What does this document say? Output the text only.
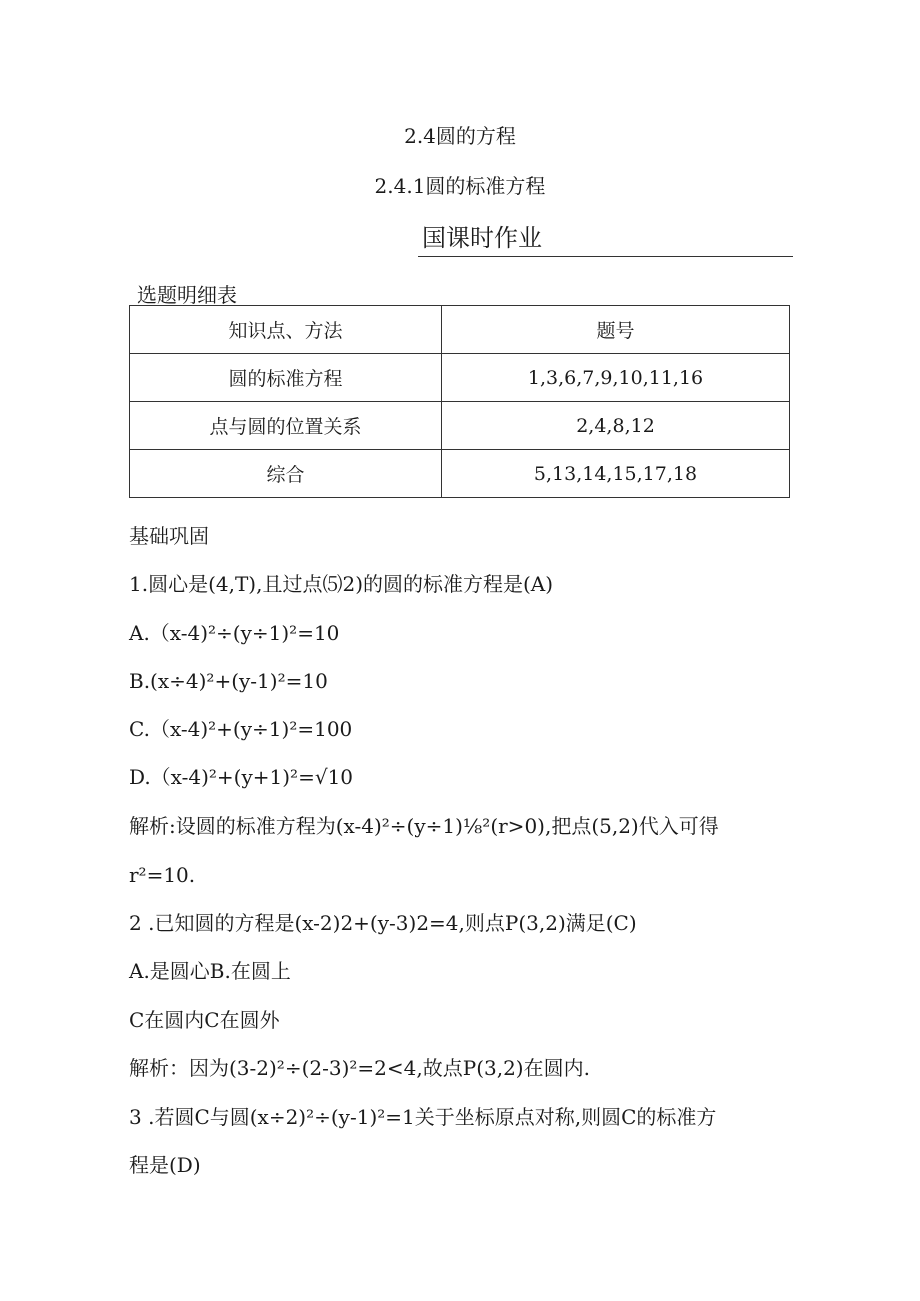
2.4圆的方程
2.4.1圆的标准方程
国课时作业
选题明细表
知识点、方法	题号
圆的标准方程	1,3,6,7,9,10,11,16
点与圆的位置关系	2,4,8,12
综合	5,13,14,15,17,18
基础巩固
1.圆心是(4,T),且过点⑸2)的圆的标准方程是(A)
A.（x-4)²÷(y÷1)²=10
B.(x÷4)²+(y-1)²=10
C.（x-4)²+(y÷1)²=100
D.（x-4)²+(y+1)²=√10
解析:设圆的标准方程为(x-4)²÷(y÷1)⅛²(r>0),把点(5,2)代入可得
r²=10.
2 .已知圆的方程是(x-2)2+(y-3)2=4,则点P(3,2)满足(C)
A.是圆心B.在圆上
C在圆内C在圆外
解析：因为(3-2)²÷(2-3)²=2<4,故点P(3,2)在圆内.
3 .若圆C与圆(x÷2)²÷(y-1)²=1关于坐标原点对称,则圆C的标准方
程是(D)
